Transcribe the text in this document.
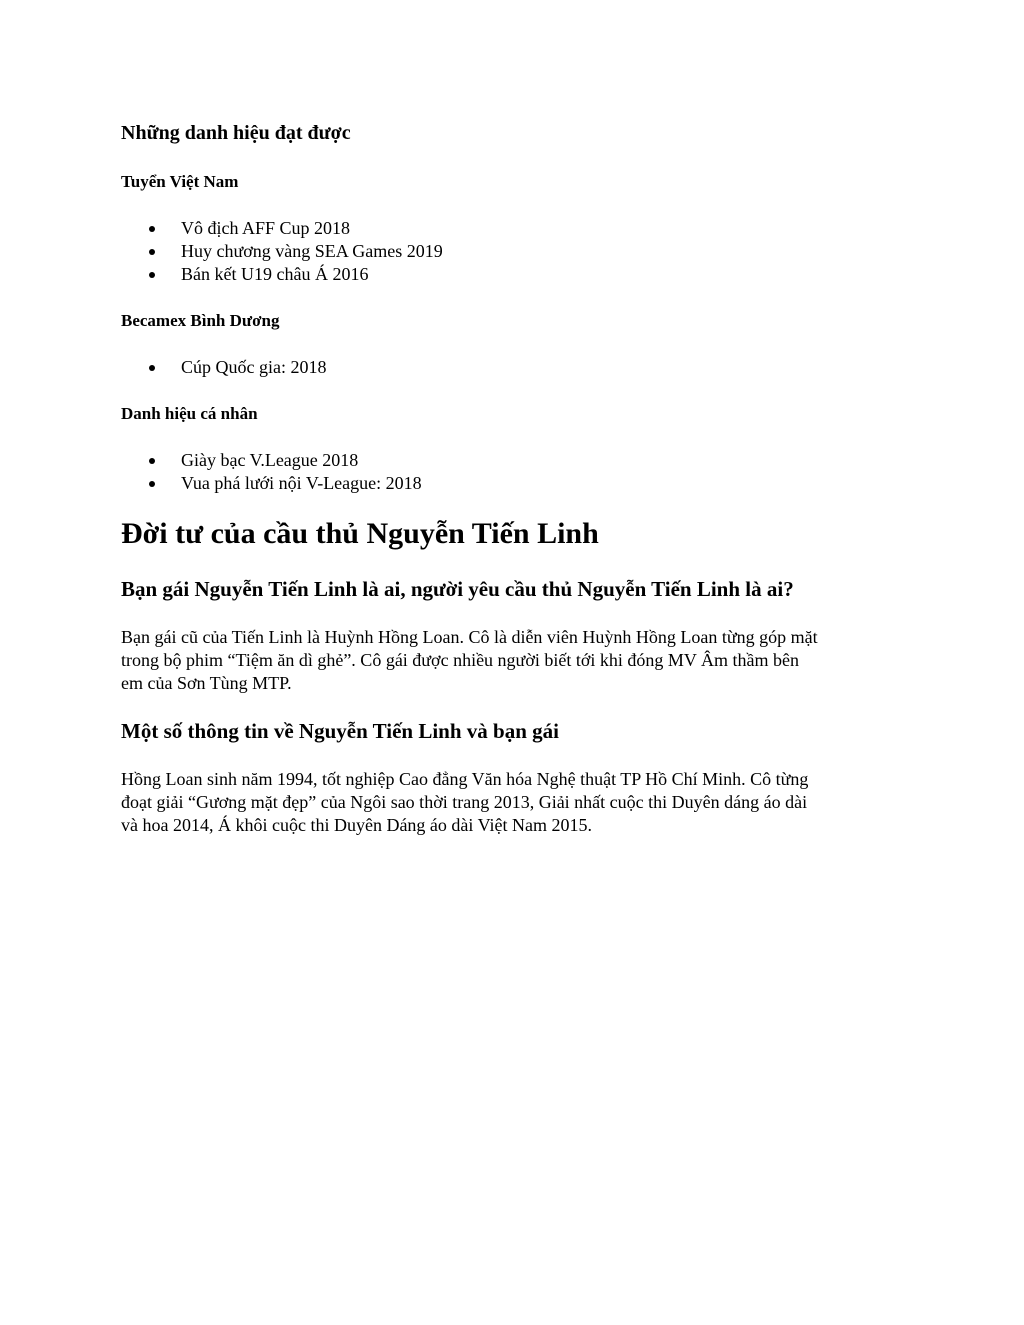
Những danh hiệu đạt được
Tuyển Việt Nam
Vô địch AFF Cup 2018
Huy chương vàng SEA Games 2019
Bán kết U19 châu Á 2016
Becamex Bình Dương
Cúp Quốc gia: 2018
Danh hiệu cá nhân
Giày bạc V.League 2018
Vua phá lưới nội V-League: 2018
Đời tư của cầu thủ Nguyễn Tiến Linh
Bạn gái Nguyễn Tiến Linh là ai, người yêu cầu thủ Nguyễn Tiến Linh là ai?

Bạn gái cũ của Tiến Linh là Huỳnh Hồng Loan. Cô là diễn viên Huỳnh Hồng Loan từng góp mặt
trong bộ phim “Tiệm ăn dì ghẻ”. Cô gái được nhiều người biết tới khi đóng MV Âm thầm bên
em của Sơn Tùng MTP.

Một số thông tin về Nguyễn Tiến Linh và bạn gái

Hồng Loan sinh năm 1994, tốt nghiệp Cao đẳng Văn hóa Nghệ thuật TP Hồ Chí Minh. Cô từng
đoạt giải “Gương mặt đẹp” của Ngôi sao thời trang 2013, Giải nhất cuộc thi Duyên dáng áo dài
và hoa 2014, Á khôi cuộc thi Duyên Dáng áo dài Việt Nam 2015.
